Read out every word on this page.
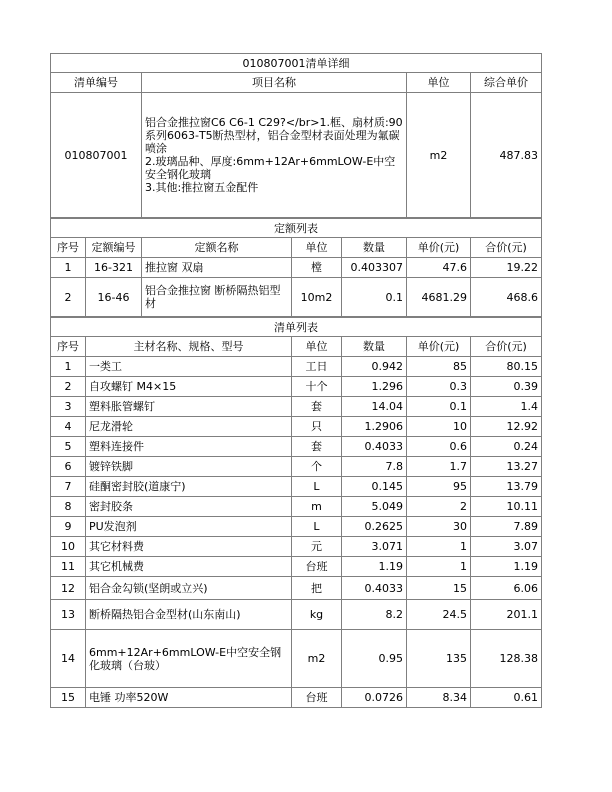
010807001清单详细			
清单编号	项目名称	单位	综合单价
010807001	铝合金推拉窗C6 C6-1 C29?</br>1.框、扇材质:90系列6063-T5断热型材，铝合金型材表面处理为氟碳喷涂
2.玻璃品种、厚度:6mm+12Ar+6mmLOW-E中空安全钢化玻璃
3.其他:推拉窗五金配件	m2	487.83
定额列表						
序号	定额编号	定额名称	单位	数量	单价(元)	合价(元)
1	16-321	推拉窗 双扇	樘	0.403307	47.6	19.22
2	16-46	铝合金推拉窗 断桥隔热铝型材	10m2	0.1	4681.29	468.6
清单列表					
序号	主材名称、规格、型号	单位	数量	单价(元)	合价(元)
1	一类工	工日	0.942	85	80.15
2	自攻螺钉 M4×15	十个	1.296	0.3	0.39
3	塑料胀管螺钉	套	14.04	0.1	1.4
4	尼龙滑轮	只	1.2906	10	12.92
5	塑料连接件	套	0.4033	0.6	0.24
6	镀锌铁脚	个	7.8	1.7	13.27
7	硅酮密封胶(道康宁)	L	0.145	95	13.79
8	密封胶条	m	5.049	2	10.11
9	PU发泡剂	L	0.2625	30	7.89
10	其它材料费	元	3.071	1	3.07
11	其它机械费	台班	1.19	1	1.19
12	铝合金勾锁(坚朗或立兴)	把	0.4033	15	6.06
13	断桥隔热铝合金型材(山东南山)	kg	8.2	24.5	201.1
14	6mm+12Ar+6mmLOW-E中空安全钢化玻璃（台玻）	m2	0.95	135	128.38
15	电锤 功率520W	台班	0.0726	8.34	0.61
